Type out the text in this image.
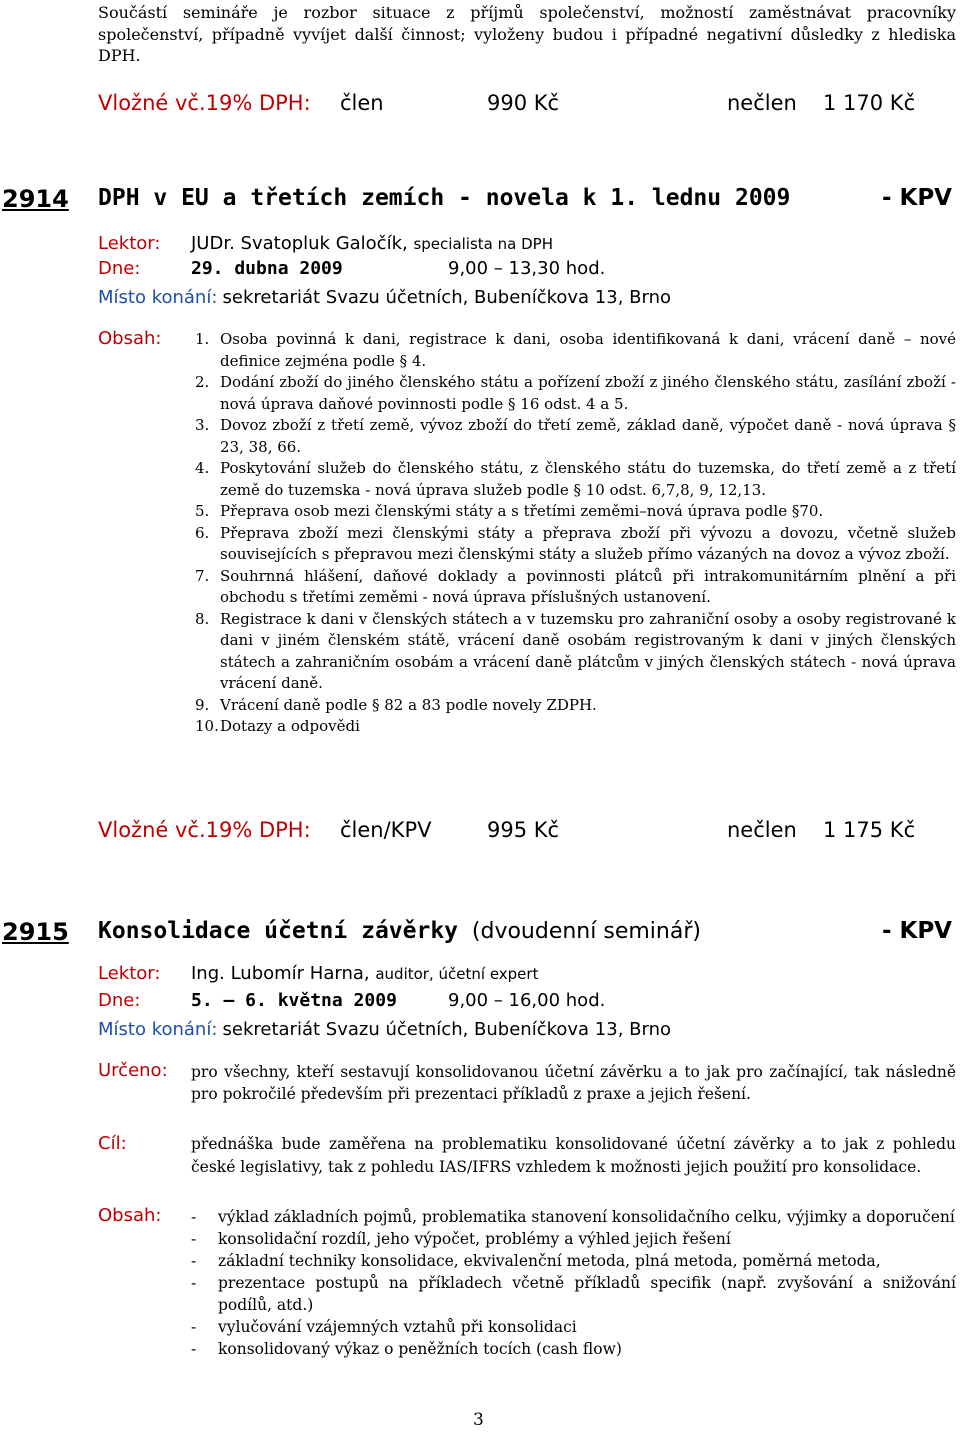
Součástí semináře je rozbor situace z příjmů společenství, možností zaměstnávat pracovníky společenství, případně vyvíjet další činnost; vyloženy budou i případné negativní důsledky z hlediska DPH.
Vložné vč.19% DPH: člen	990 Kč	nečlen 1 170 Kč
2914 DPH v EU a třetích zemích - novela k 1. lednu 2009	- KPV
Lektor: JUDr. Svatopluk Galočík, specialista na DPH
Dne:	29. dubna 2009	9,00 – 13,30 hod.
Místo konání: sekretariát Svazu účetních, Bubeníčkova 13, Brno
Obsah: 1. Osoba povinná k dani, registrace k dani, osoba identifikovaná k dani, vrácení daně – nové definice zejména podle § 4.
2. Dodání zboží do jiného členského státu a pořízení zboží z jiného členského státu, zasílání zboží - nová úprava daňové povinnosti podle § 16 odst. 4 a 5.
3. Dovoz zboží z třetí země, vývoz zboží do třetí země, základ daně, výpočet daně - nová úprava § 23, 38, 66.
4. Poskytování služeb do členského státu, z členského státu do tuzemska, do třetí země a z třetí země do tuzemska - nová úprava služeb podle § 10 odst. 6,7,8, 9, 12,13.
5. Přeprava osob mezi členskými státy a s třetími zeměmi–nová úprava podle §70.
6. Přeprava zboží mezi členskými státy a přeprava zboží při vývozu a dovozu, včetně služeb souvisejících s přepravou mezi členskými státy a služeb přímo vázaných na dovoz a vývoz zboží.
7. Souhrnná hlášení, daňové doklady a povinnosti plátců při intrakomunitárním plnění a při obchodu s třetími zeměmi - nová úprava příslušných ustanovení.
8. Registrace k dani v členských státech a v tuzemsku pro zahraniční osoby a osoby registrované k dani v jiném členském státě, vrácení daně osobám registrovaným k dani v jiných členských státech a zahraničním osobám a vrácení daně plátcům v jiných členských státech - nová úprava vrácení daně.
9. Vrácení daně podle § 82 a 83 podle novely ZDPH.
10. Dotazy a odpovědi
Vložné vč.19% DPH: člen/KPV	995 Kč	nečlen 1 175 Kč
2915 Konsolidace účetní závěrky (dvoudenní seminář)	- KPV
Lektor: Ing. Lubomír Harna, auditor, účetní expert
Dne:	5. – 6. května 2009	9,00 – 16,00 hod.
Místo konání: sekretariát Svazu účetních, Bubeníčkova 13, Brno
Určeno: pro všechny, kteří sestavují konsolidovanou účetní závěrku a to jak pro začínající, tak následně pro pokročilé především při prezentaci příkladů z praxe a jejich řešení.
Cíl:	přednáška bude zaměřena na problematiku konsolidované účetní závěrky a to jak z pohledu české legislativy, tak z pohledu IAS/IFRS vzhledem k možnosti jejich použití pro konsolidace.
Obsah: - výklad základních pojmů, problematika stanovení konsolidačního celku, výjimky a doporučení
- konsolidační rozdíl, jeho výpočet, problémy a výhled jejich řešení
- základní techniky konsolidace, ekvivalenční metoda, plná metoda, poměrná metoda,
- prezentace postupů na příkladech včetně příkladů specifik (např. zvyšování a snižování podílů, atd.)
- vylučování vzájemných vztahů při konsolidaci
- konsolidovaný výkaz o peněžních tocích (cash flow)
3
